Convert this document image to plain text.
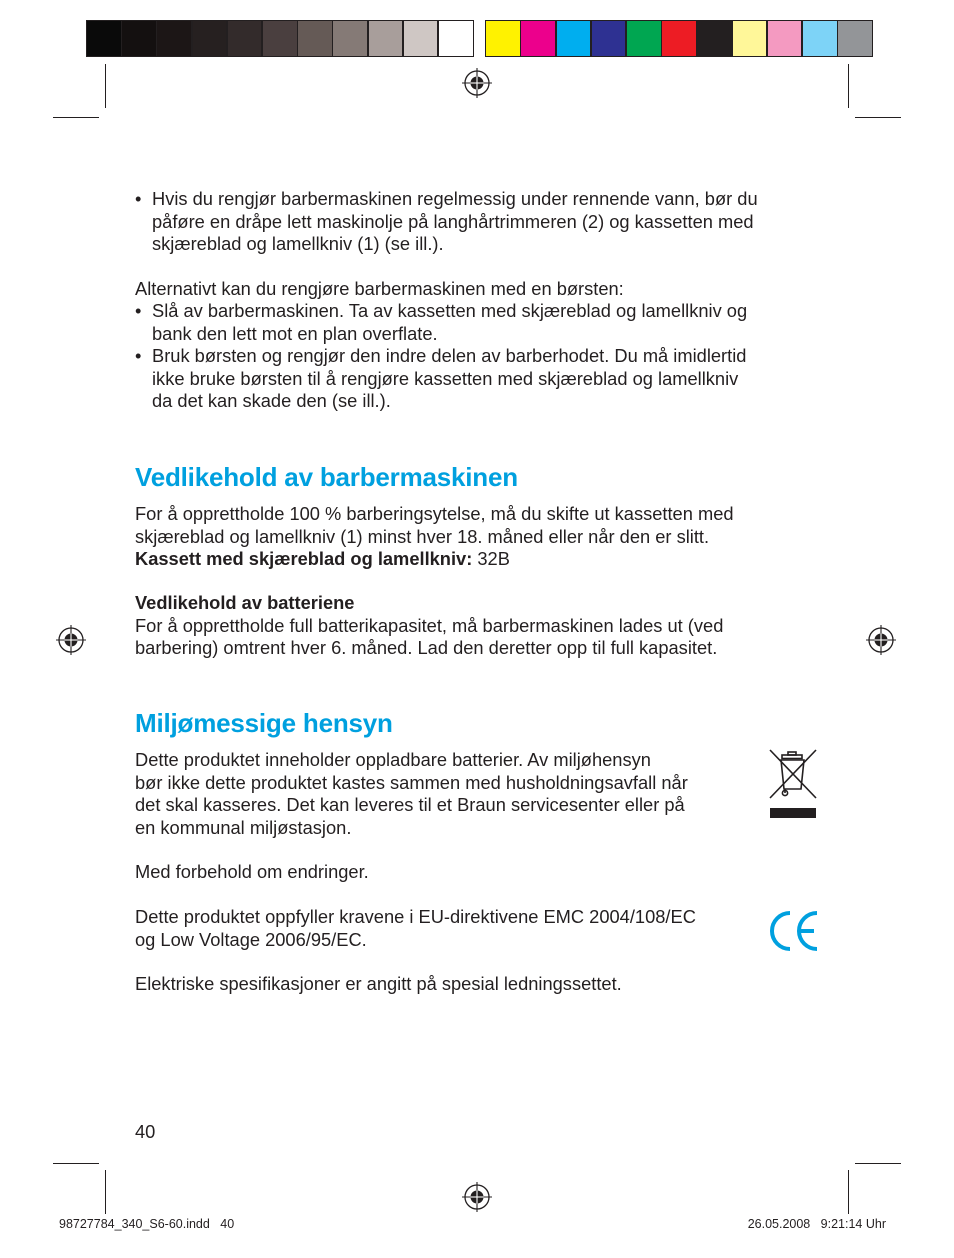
• Hvis du rengjør barbermaskinen regelmessig under rennende vann, bør du
påføre en dråpe lett maskinolje på langhårtrimmeren (2) og kassetten med
skjæreblad og lamellkniv (1) (se ill.).
Alternativt kan du rengjøre barbermaskinen med en børsten:
• Slå av barbermaskinen. Ta av kassetten med skjæreblad og lamellkniv og
bank den lett mot en plan overflate.
• Bruk børsten og rengjør den indre delen av barberhodet. Du må imidlertid
ikke bruke børsten til å rengjøre kassetten med skjæreblad og lamellkniv
da det kan skade den (se ill.).
Vedlikehold av barbermaskinen
For å opprettholde 100 % barberingsytelse, må du skifte ut kassetten med
skjæreblad og lamellkniv (1) minst hver 18. måned eller når den er slitt.
Kassett med skjæreblad og lamellkniv: 32B
Vedlikehold av batteriene
For å opprettholde full batterikapasitet, må barbermaskinen lades ut (ved
barbering) omtrent hver 6. måned. Lad den deretter opp til full kapasitet.
Miljømessige hensyn
Dette produktet inneholder oppladbare batterier. Av miljøhensyn
bør ikke dette produktet kastes sammen med husholdningsavfall når
det skal kasseres. Det kan leveres til et Braun servicesenter eller på
en kommunal miljøstasjon.
Med forbehold om endringer.
Dette produktet oppfyller kravene i EU-direktivene EMC 2004/108/EC
og Low Voltage 2006/95/EC.
Elektriske spesifikasjoner er angitt på spesial ledningssettet.
40
98727784_340_S6-60.indd   40	26.05.2008   9:21:14 Uhr
